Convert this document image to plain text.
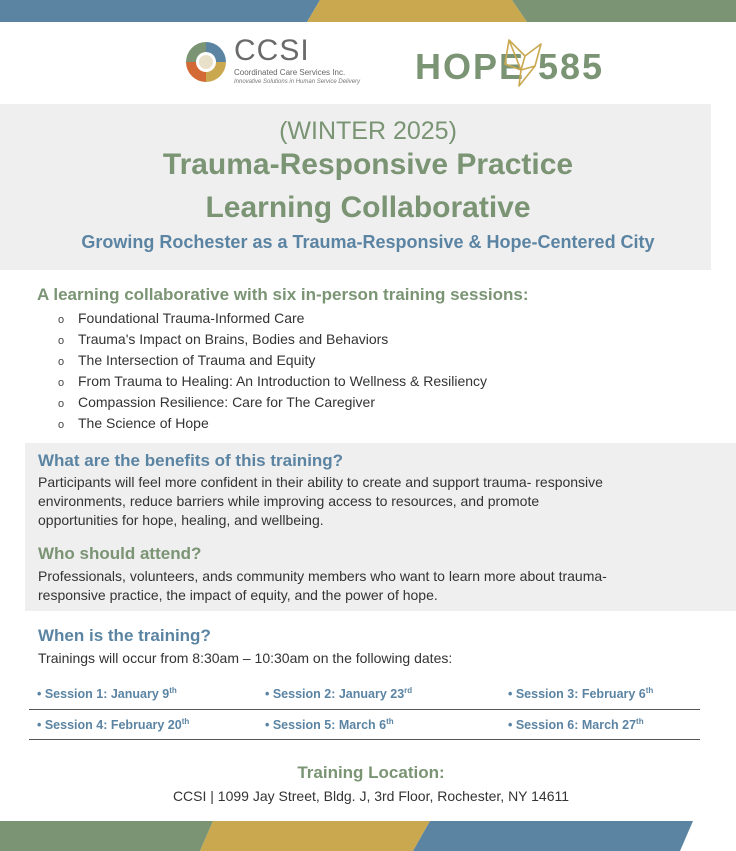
CCSI
Coordinated Care Services Inc.
Innovative Solutions in Human Service Delivery HOPE 585
(WINTER 2025)
Trauma-Responsive Practice
Learning Collaborative
Growing Rochester as a Trauma-Responsive & Hope-Centered City
A learning collaborative with six in-person training sessions:
o Foundational Trauma-Informed Care
o Trauma's Impact on Brains, Bodies and Behaviors
o The Intersection of Trauma and Equity
o From Trauma to Healing: An Introduction to Wellness & Resiliency
o Compassion Resilience: Care for The Caregiver
o The Science of Hope
What are the benefits of this training?
Participants will feel more confident in their ability to create and support trauma- responsive
environments, reduce barriers while improving access to resources, and promote
opportunities for hope, healing, and wellbeing.
Who should attend?
Professionals, volunteers, ands community members who want to learn more about trauma-
responsive practice, the impact of equity, and the power of hope.
When is the training?
Trainings will occur from 8:30am – 10:30am on the following dates:
• Session 1: January 9th	• Session 2: January 23rd	• Session 3: February 6th
• Session 4: February 20th	• Session 5: March 6th	• Session 6: March 27th
Training Location:
CCSI | 1099 Jay Street, Bldg. J, 3rd Floor, Rochester, NY 14611
